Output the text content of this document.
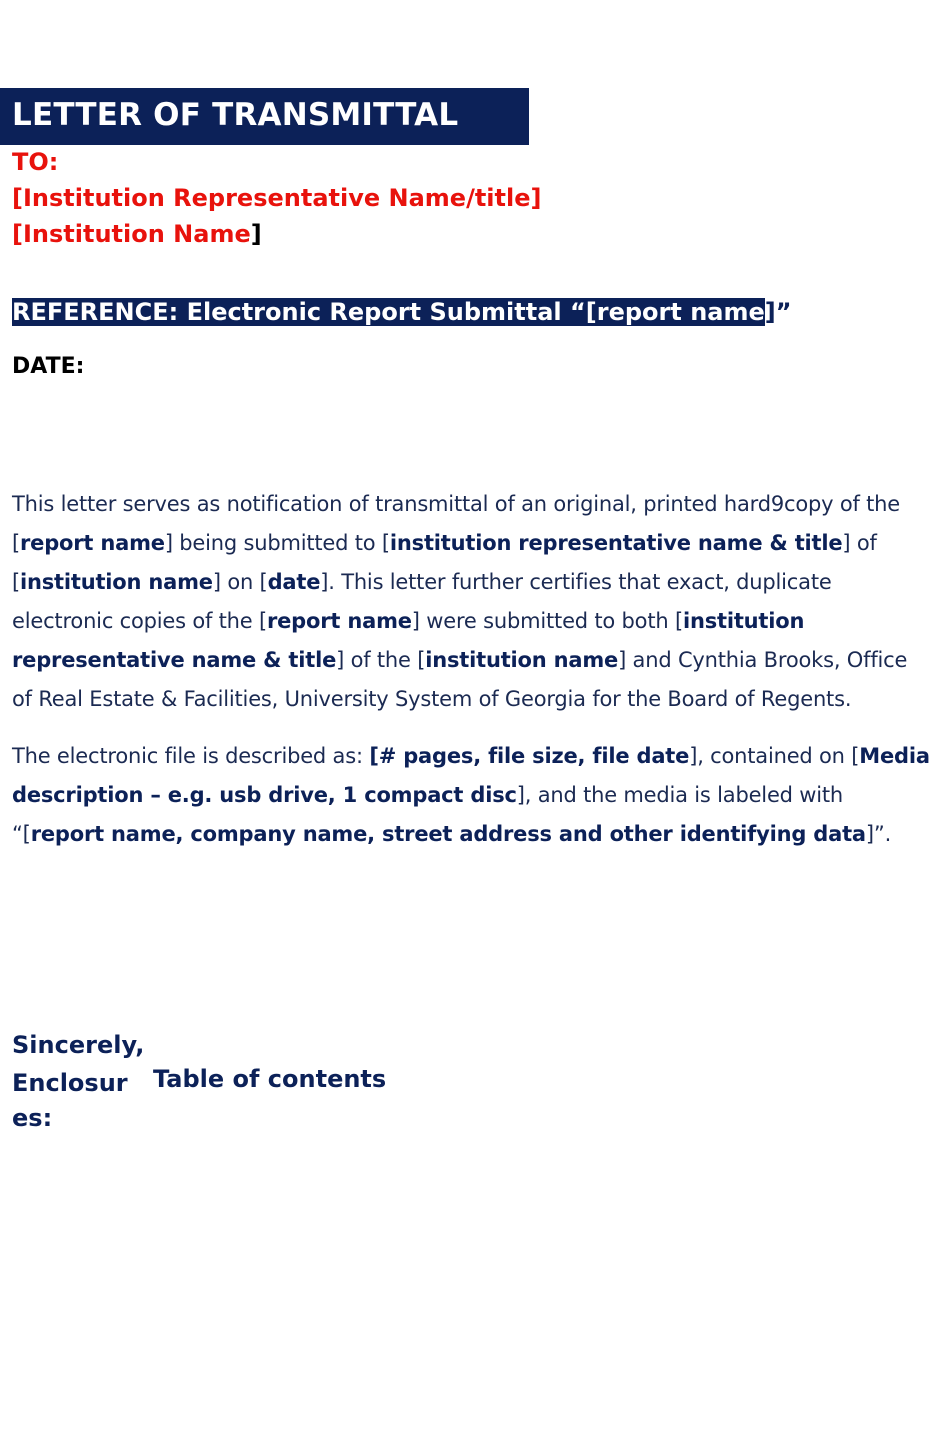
LETTER OF TRANSMITTAL
TO:
[Institution Representative Name/title]
[Institution Name]
REFERENCE: Electronic Report Submittal “[report name]”
DATE:
This letter serves as notification of transmittal of an original, printed hard9copy of the [report name] being submitted to [institution representative name & title] of [institution name] on [date]. This letter further certifies that exact, duplicate electronic copies of the [report name] were submitted to both [institution representative name & title] of the [institution name] and Cynthia Brooks, Office of Real Estate & Facilities, University System of Georgia for the Board of Regents.
The electronic file is described as: [# pages, file size, file date], contained on [Media description – e.g. usb drive, 1 compact disc], and the media is labeled with “[report name, company name, street address and other identifying data]”.
Sincerely,
Enclosur
es:
Table of contents
